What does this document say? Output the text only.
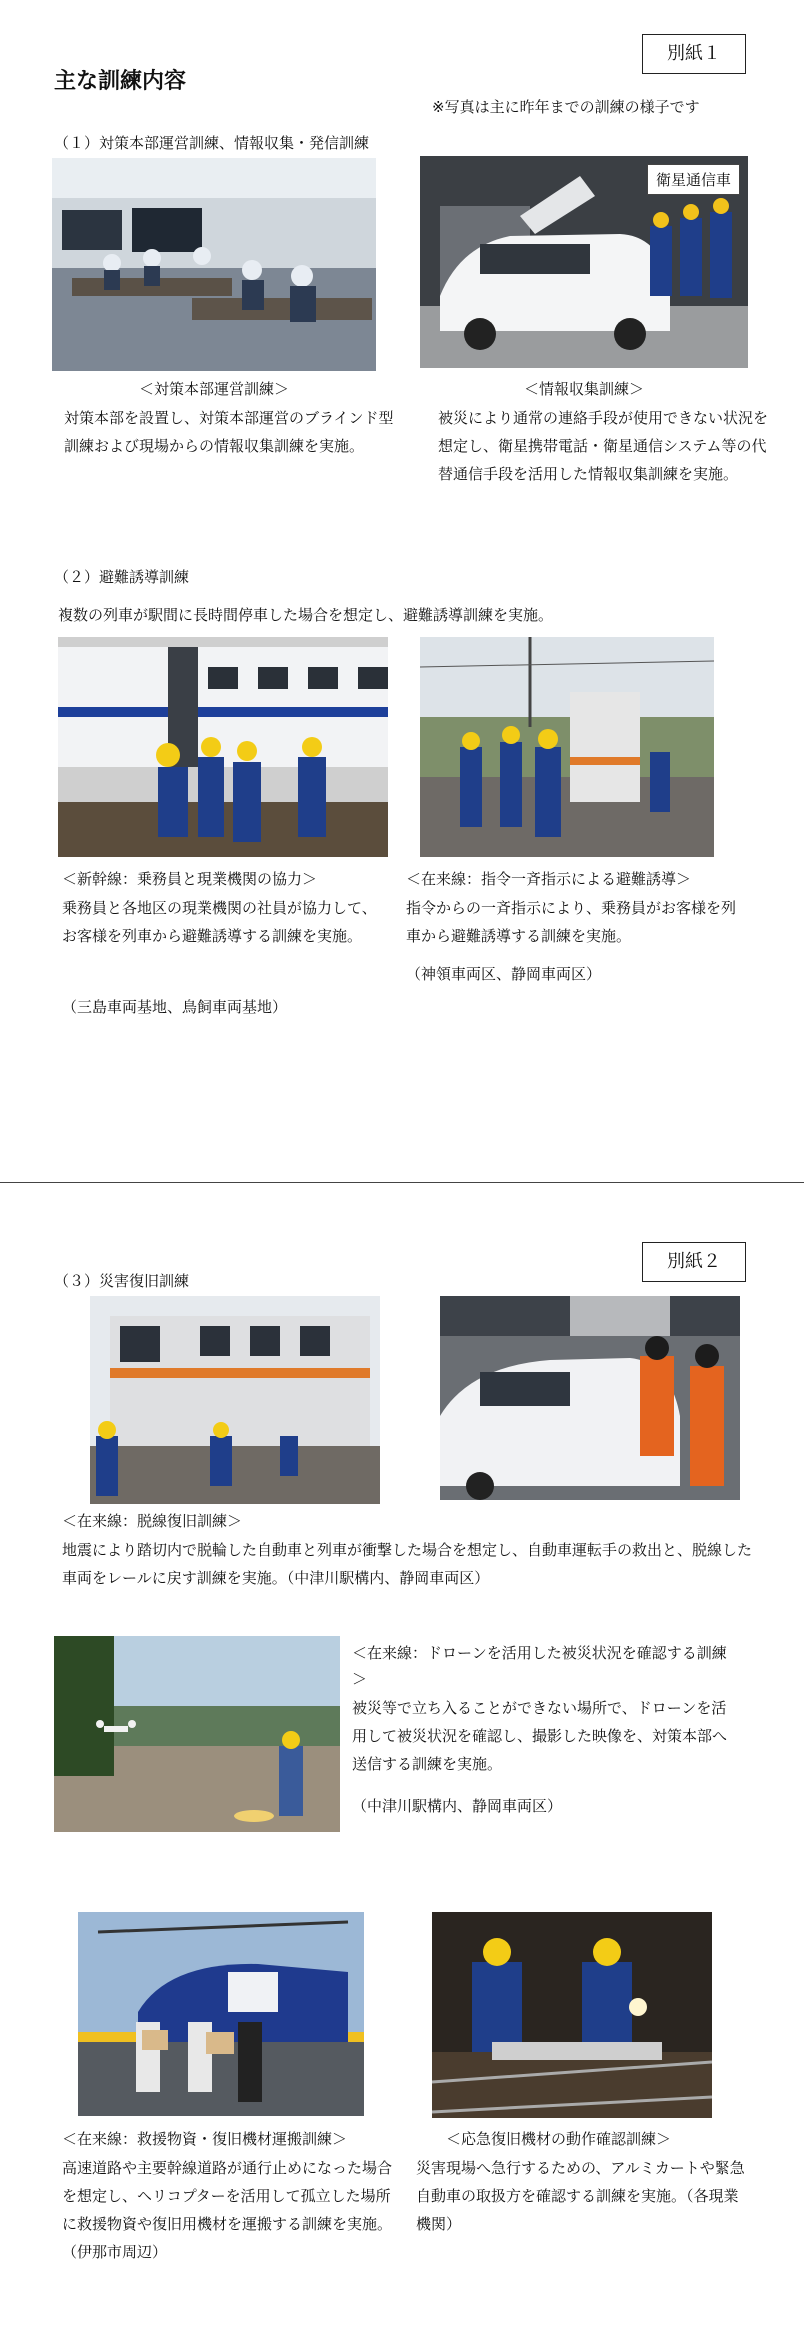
別紙１
主な訓練内容
※写真は主に昨年までの訓練の様子です
（１）対策本部運営訓練、情報収集・発信訓練
衛星通信車
＜対策本部運営訓練＞
対策本部を設置し、対策本部運営のブラインド型訓練および現場からの情報収集訓練を実施。
＜情報収集訓練＞
被災により通常の連絡手段が使用できない状況を想定し、衛星携帯電話・衛星通信システム等の代替通信手段を活用した情報収集訓練を実施。
（２）避難誘導訓練
複数の列車が駅間に長時間停車した場合を想定し、避難誘導訓練を実施。
＜新幹線：乗務員と現業機関の協力＞
乗務員と各地区の現業機関の社員が協力して、お客様を列車から避難誘導する訓練を実施。
（三島車両基地、鳥飼車両基地）
＜在来線：指令一斉指示による避難誘導＞
指令からの一斉指示により、乗務員がお客様を列車から避難誘導する訓練を実施。
（神領車両区、静岡車両区）
別紙２
（３）災害復旧訓練
＜在来線：脱線復旧訓練＞
地震により踏切内で脱輪した自動車と列車が衝撃した場合を想定し、自動車運転手の救出と、脱線した車両をレールに戻す訓練を実施。（中津川駅構内、静岡車両区）
＜在来線：ドローンを活用した被災状況を確認する訓練＞
被災等で立ち入ることができない場所で、ドローンを活用して被災状況を確認し、撮影した映像を、対策本部へ送信する訓練を実施。
（中津川駅構内、静岡車両区）
＜在来線：救援物資・復旧機材運搬訓練＞
高速道路や主要幹線道路が通行止めになった場合を想定し、ヘリコプターを活用して孤立した場所に救援物資や復旧用機材を運搬する訓練を実施。（伊那市周辺）
＜応急復旧機材の動作確認訓練＞
災害現場へ急行するための、アルミカートや緊急自動車の取扱方を確認する訓練を実施。（各現業機関）
